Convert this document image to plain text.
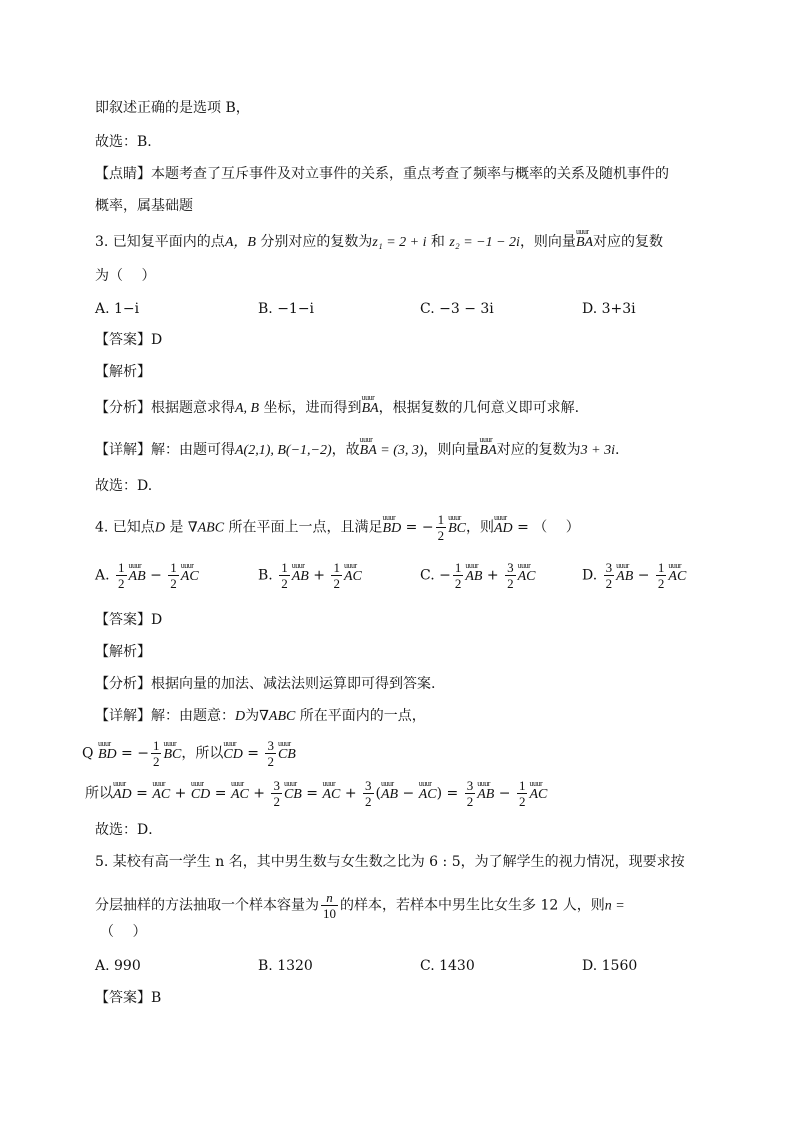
即叙述正确的是选项 B，
故选：B.
【点睛】本题考查了互斥事件及对立事件的关系，重点考查了频率与概率的关系及随机事件的
概率，属基础题
3. 已知复平面内的点A，B 分别对应的复数为z₁ = 2 + i 和 z₂ = −1 − 2i，则向量uuur BA对应的复数
为（　 ）
A. 1−i	B. −1−i	C. −3 − 3i	D. 3+3i
【答案】D
【解析】
【分析】根据题意求得A, B 坐标，进而得到uuur BA，根据复数的几何意义即可求解.
【详解】解：由题可得A(2,1), B(−1,−2)，故uuur BA = (3, 3)，则向量uuur BA对应的复数为3 + 3i.
故选：D.
4. 已知点D 是 ∇ABC 所在平面上一点，且满足uuur BD = − $\frac{1}{2}$ uuur BC，则uuur AD = （　 ）
A. $\frac{1}{2}$ uuur AB − $\frac{1}{2}$ uuur AC	B. $\frac{1}{2}$ uuur AB + $\frac{1}{2}$ uuur AC	C. − $\frac{1}{2}$ uuur AB + $\frac{3}{2}$ uuur AC	D. $\frac{3}{2}$ uuur AB − $\frac{1}{2}$ uuur AC
【答案】D
【解析】
【分析】根据向量的加法、减法法则运算即可得到答案.
【详解】解：由题意：D为∇ABC 所在平面内的一点，
Q uuur BD = − $\frac{1}{2}$ uuur BC，所以uuur CD = $\frac{3}{2}$ uuur CB
所以uuur AD = uuur AC + uuur CD = uuur AC + $\frac{3}{2}$ uuur CB = uuur AC + $\frac{3}{2}$ (uuur AB − uuur $AC) = \frac{3}{2}$ uuur AB − $\frac{1}{2}$ uuur AC
故选：D．
5. 某校有高一学生 n 名，其中男生数与女生数之比为 6 : 5，为了解学生的视力情况，现要求按
分层抽样的方法抽取一个样本容量为 $\frac{n}{10}$ 的样本，若样本中男生比女生多 12 人，则n =
（　 ）
A. 990	B. 1320	C. 1430	D. 1560
【答案】B
